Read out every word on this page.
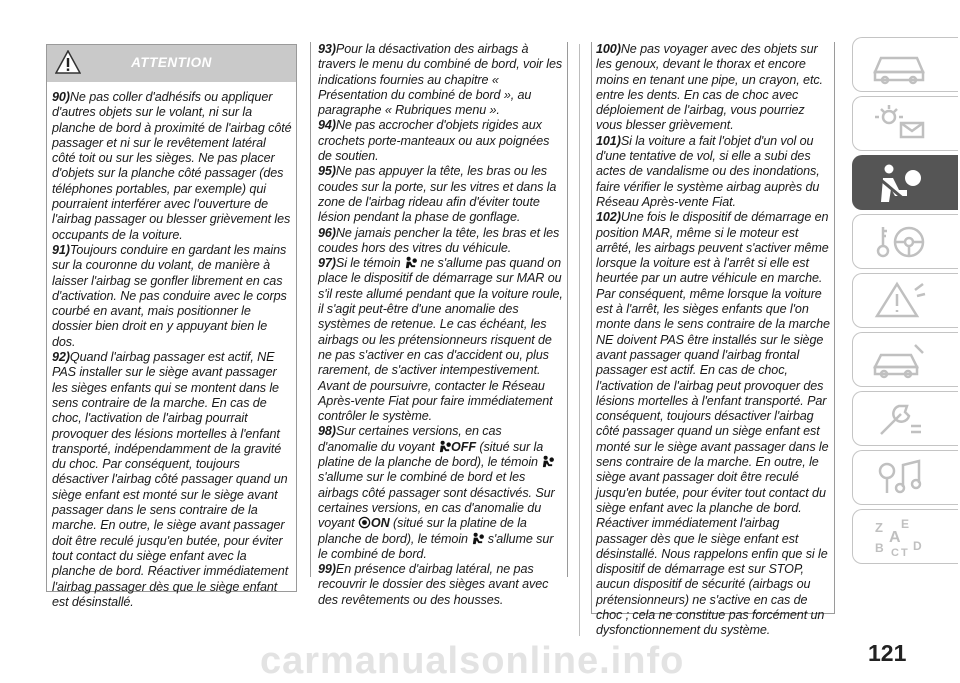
ATTENTION

90)Ne pas coller d'adhésifs ou appliquer d'autres objets sur le volant, ni sur la planche de bord à proximité de l'airbag côté passager et ni sur le revêtement latéral côté toit ou sur les sièges. Ne pas placer d'objets sur la planche côté passager (des téléphones portables, par exemple) qui pourraient interférer avec l'ouverture de l'airbag passager ou blesser grièvement les occupants de la voiture.

91)Toujours conduire en gardant les mains sur la couronne du volant, de manière à laisser l'airbag se gonfler librement en cas d'activation. Ne pas conduire avec le corps courbé en avant, mais positionner le dossier bien droit en y appuyant bien le dos.

92)Quand l'airbag passager est actif, NE PAS installer sur le siège avant passager les sièges enfants qui se montent dans le sens contraire de la marche. En cas de choc, l'activation de l'airbag pourrait provoquer des lésions mortelles à l'enfant transporté, indépendamment de la gravité du choc. Par conséquent, toujours désactiver l'airbag côté passager quand un siège enfant est monté sur le siège avant passager dans le sens contraire de la marche. En outre, le siège avant passager doit être reculé jusqu'en butée, pour éviter tout contact du siège enfant avec la planche de bord. Réactiver immédiatement l'airbag passager dès que le siège enfant est désinstallé.

93)Pour la désactivation des airbags à travers le menu du combiné de bord, voir les indications fournies au chapitre « Présentation du combiné de bord », au paragraphe « Rubriques menu ».

94)Ne pas accrocher d'objets rigides aux crochets porte-manteaux ou aux poignées de soutien.

95)Ne pas appuyer la tête, les bras ou les coudes sur la porte, sur les vitres et dans la zone de l'airbag rideau afin d'éviter toute lésion pendant la phase de gonflage.

96)Ne jamais pencher la tête, les bras et les coudes hors des vitres du véhicule.

97)Si le témoin ne s'allume pas quand on place le dispositif de démarrage sur MAR ou s'il reste allumé pendant que la voiture roule, il s'agit peut-être d'une anomalie des systèmes de retenue. Le cas échéant, les airbags ou les prétensionneurs risquent de ne pas s'activer en cas d'accident ou, plus rarement, de s'activer intempestivement. Avant de poursuivre, contacter le Réseau Après-vente Fiat pour faire immédiatement contrôler le système.

98)Sur certaines versions, en cas d'anomalie du voyant OFF (situé sur la platine de la planche de bord), le témoin s'allume sur le combiné de bord et les airbags côté passager sont désactivés. Sur certaines versions, en cas d'anomalie du voyant ON (situé sur la platine de la planche de bord), le témoin s'allume sur le combiné de bord.

99)En présence d'airbag latéral, ne pas recouvrir le dossier des sièges avant avec des revêtements ou des housses.

100)Ne pas voyager avec des objets sur les genoux, devant le thorax et encore moins en tenant une pipe, un crayon, etc. entre les dents. En cas de choc avec déploiement de l'airbag, vous pourriez vous blesser grièvement.

101)Si la voiture a fait l'objet d'un vol ou d'une tentative de vol, si elle a subi des actes de vandalisme ou des inondations, faire vérifier le système airbag auprès du Réseau Après-vente Fiat.

102)Une fois le dispositif de démarrage en position MAR, même si le moteur est arrêté, les airbags peuvent s'activer même lorsque la voiture est à l'arrêt si elle est heurtée par un autre véhicule en marche. Par conséquent, même lorsque la voiture est à l'arrêt, les sièges enfants que l'on monte dans le sens contraire de la marche NE doivent PAS être installés sur le siège avant passager quand l'airbag frontal passager est actif. En cas de choc, l'activation de l'airbag peut provoquer des lésions mortelles à l'enfant transporté. Par conséquent, toujours désactiver l'airbag côté passager quand un siège enfant est monté sur le siège avant passager dans le sens contraire de la marche. En outre, le siège avant passager doit être reculé jusqu'en butée, pour éviter tout contact du siège enfant avec la planche de bord. Réactiver immédiatement l'airbag passager dès que le siège enfant est désinstallé. Nous rappelons enfin que si le dispositif de démarrage est sur STOP, aucun dispositif de sécurité (airbags ou prétensionneurs) ne s'active en cas de choc ; cela ne constitue pas forcément un dysfonctionnement du système.

Z E
A
B C T D
carmanualsonline.info	121
